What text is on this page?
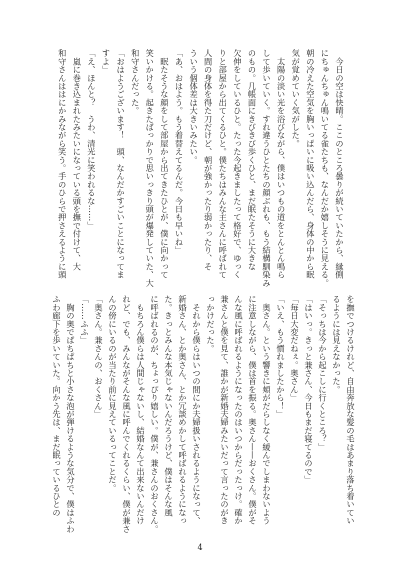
　今日の空は快晴。ここのところ曇りが続いていたから、縁側
にちゅんちゅん鳴いてる雀たちも、なんだか嬉しそうに見える。
朝の冷えた空気を胸いっぱいに吸い込んだら、身体の中から眠
気が覚めていく気がした。
　太陽の淡い光を浴びながら、僕はいつもの道をとんとん鳴ら
して歩いていく。すれ違うひとたちの顔ぶれも、もう結構馴染み
のもの。几帳面にきびきび歩くひと、まだ眠たそうに大きな
欠伸をしているひと。たった今起きましたって格好で、ゆっく
りと部屋から出てくるひと。僕たちはみんな主さんに呼ばれて
人間の身体を得た刀だけど、朝が強かったり弱かったり、そ
ういう個体差は大きいみたい。
「あ、おはよう。もう着替えてるんだ。今日も早いね」
　眠たそうな顔をして部屋から出てきたひとが、僕に向かって
笑いかける。起きたばっかりで思いっきり頭が爆発していた、大
和守さんだった。
「おはようございます！　頭、なんだかすごいことになってま
すよ」
「え、ほんと？　うわ、清光に笑われるな……」
　嵐に巻き込まれたみたいになっている頭を撫で付けて、大
和守さんははにかみながら笑う。手のひらで押さえるように頭
を撫でつけるけれど、自由奔放な髪の毛はあまり落ち着いてい
るようには見えなかった。
「そっちは今から起こしに行くところ？」
「はいっ。きっと兼さん、今日もまだ寝てるので」
「毎日大変だねぇ。奥さん」
「いえ、もう慣れましたから！」
　奥さん。という響きに頬がだらしなく緩んでしまわないよう
に注意しながら、僕は首を振る。奥さん——おくさん。僕がそ
んな風に呼ばれるようになったのはいつからだったっけ。確か
兼さんと僕を見て、誰かが新婚夫婦みたいだって言ったのがき
っかけだった。
　それから僕らはいつの間にか夫婦扱いされるようになって、
新婚さん、とか奥さん、とか冗談めかして呼ばれるようになっ
た。きっとみんな本気じゃないんだろうけど、僕はそんな風
に呼ばれるのが、ちょっぴり嬉しい。僕が、兼さんのおくさん。
　もちろん僕らは人間じゃないし、結婚なんて出来ないんだけ
れど、でも、みんながそんな風に呼んでくれるくらい、僕が兼さ
んの傍にいるのが当たり前に見えているってことだ。
「奥さん。兼さんの、おくさん」
「……ふふ」
　胸の奥でぱちぱちと小さな泡が弾けるような気分で、僕はふわ
ふわ廊下を歩いていた。向かう先は、まだ眠っているひとの
4
